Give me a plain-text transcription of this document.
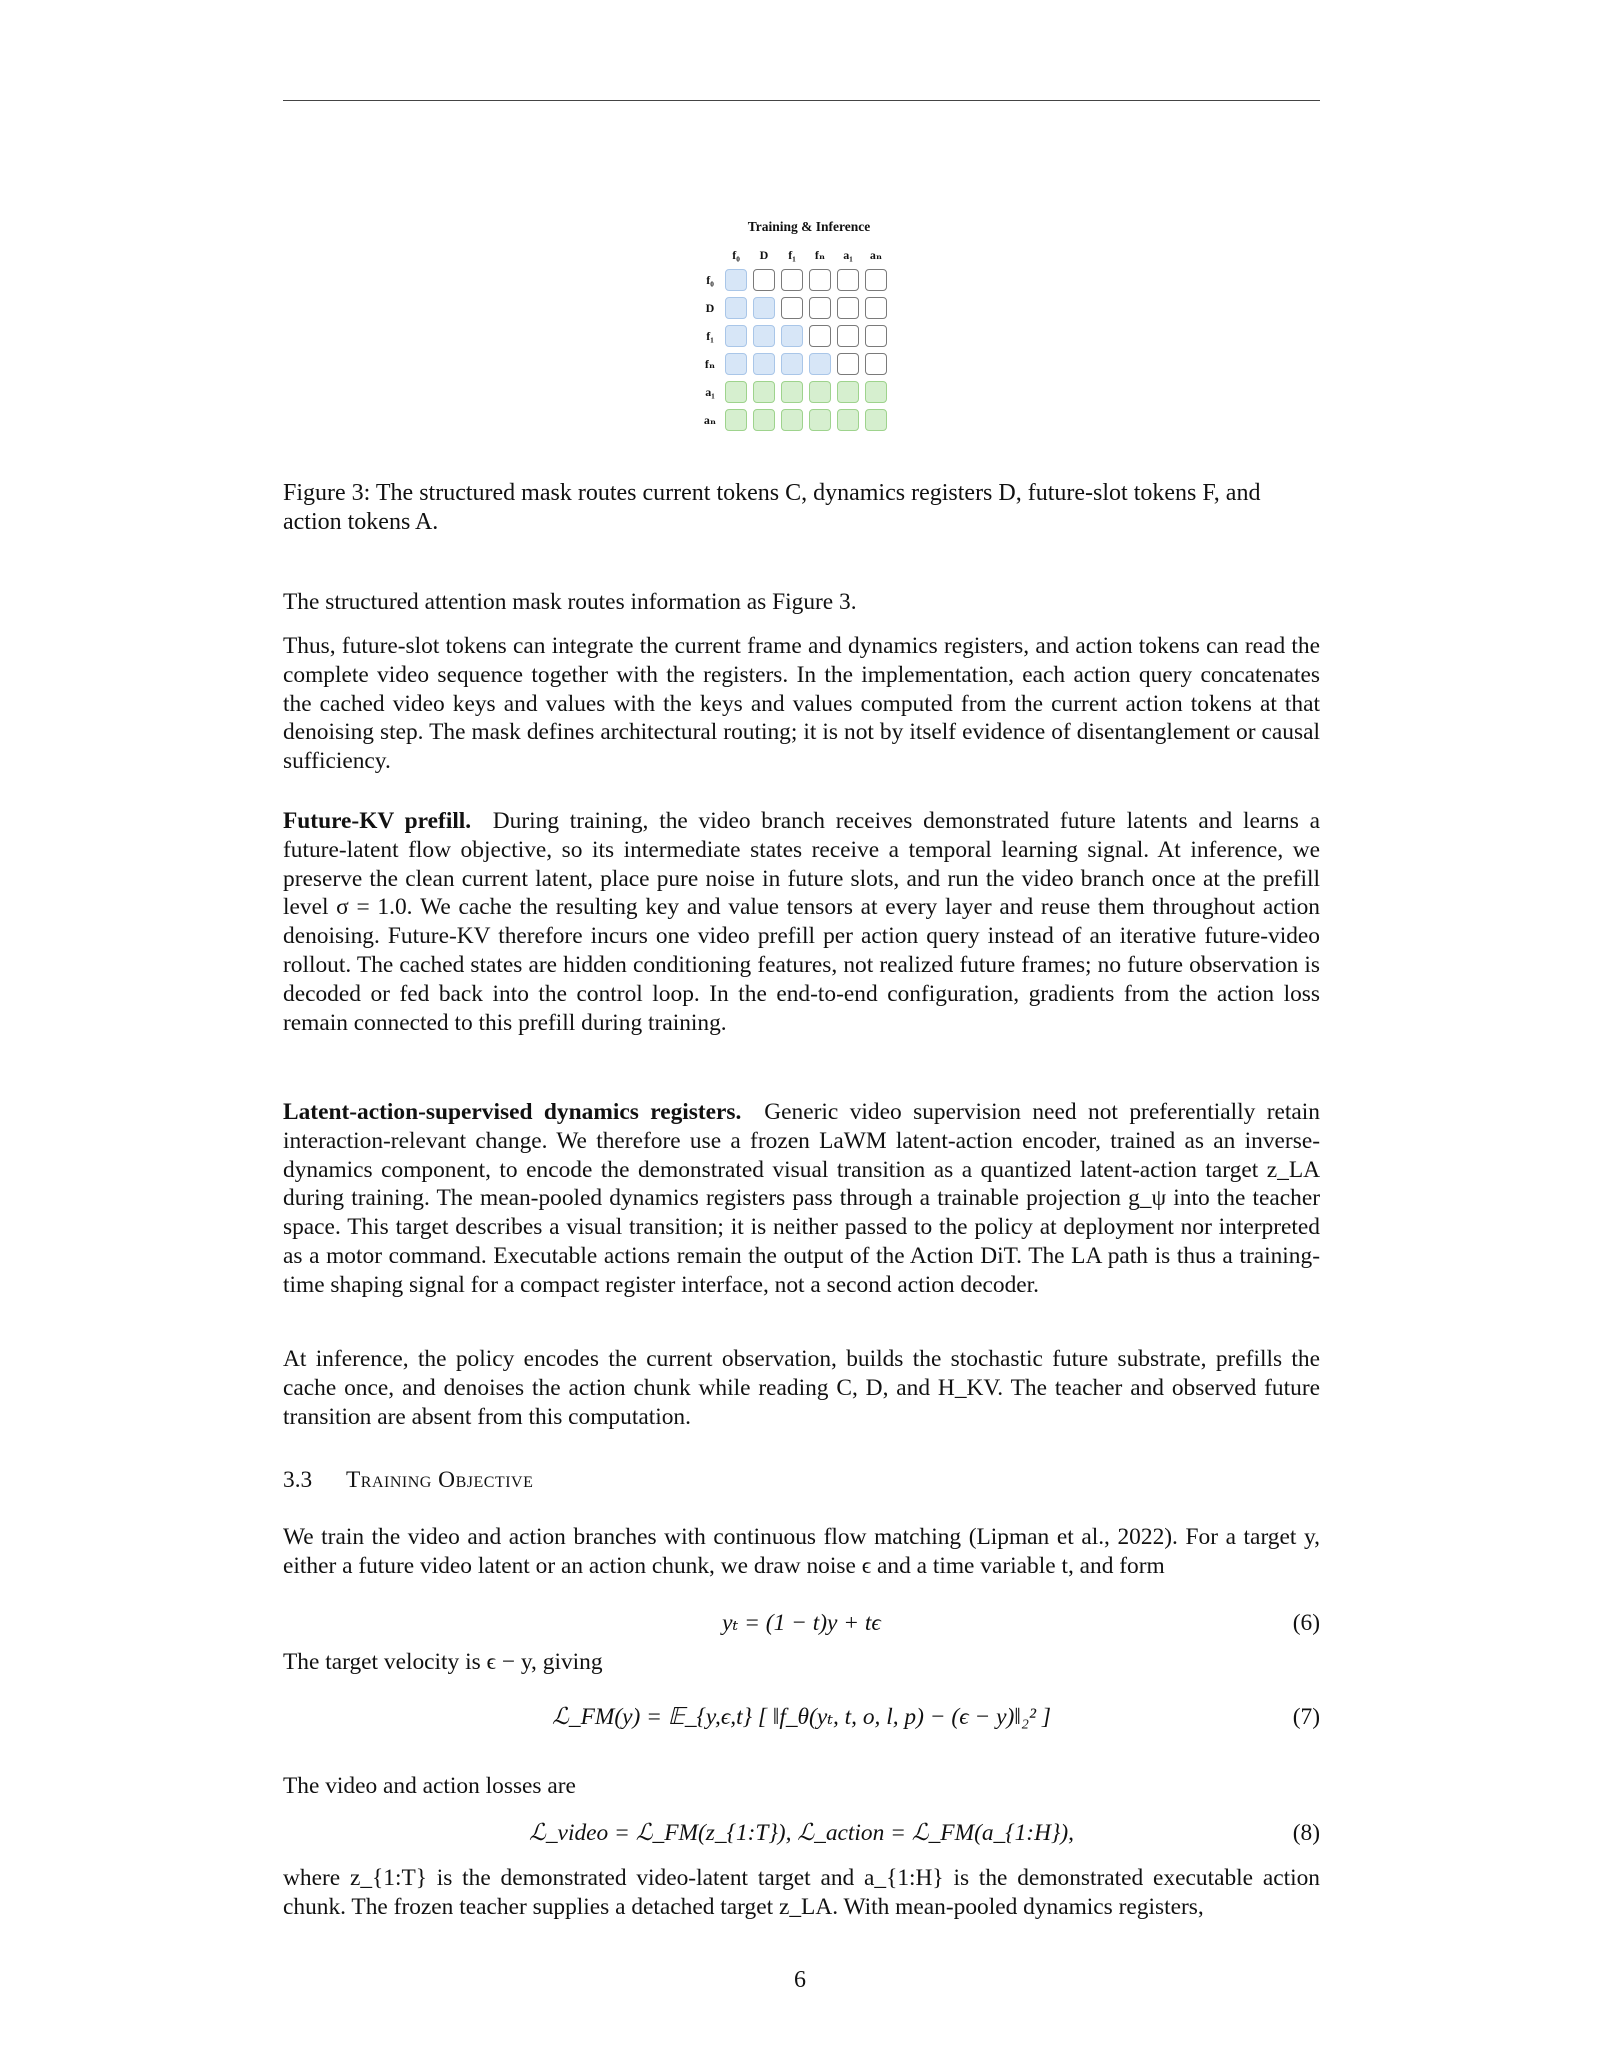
Training & Inference
f₀	D	f₁	fₙ	a₁	aₙ
f₀
D
f₁
fₙ
a₁
aₙ
Figure 3: The structured mask routes current tokens C, dynamics registers D, future-slot tokens F, and action tokens A.

The structured attention mask routes information as Figure 3.

Thus, future-slot tokens can integrate the current frame and dynamics registers, and action tokens can read the complete video sequence together with the registers. In the implementation, each action query concatenates the cached video keys and values with the keys and values computed from the current action tokens at that denoising step. The mask defines architectural routing; it is not by itself evidence of disentanglement or causal sufficiency.

Future-KV prefill. During training, the video branch receives demonstrated future latents and learns a future-latent flow objective, so its intermediate states receive a temporal learning signal. At inference, we preserve the clean current latent, place pure noise in future slots, and run the video branch once at the prefill level σ = 1.0. We cache the resulting key and value tensors at every layer and reuse them throughout action denoising. Future-KV therefore incurs one video prefill per action query instead of an iterative future-video rollout. The cached states are hidden conditioning features, not realized future frames; no future observation is decoded or fed back into the control loop. In the end-to-end configuration, gradients from the action loss remain connected to this prefill during training.

Latent-action-supervised dynamics registers. Generic video supervision need not preferentially retain interaction-relevant change. We therefore use a frozen LaWM latent-action encoder, trained as an inverse-dynamics component, to encode the demonstrated visual transition as a quantized latent-action target z_LA during training. The mean-pooled dynamics registers pass through a trainable projection g_ψ into the teacher space. This target describes a visual transition; it is neither passed to the policy at deployment nor interpreted as a motor command. Executable actions remain the output of the Action DiT. The LA path is thus a training-time shaping signal for a compact register interface, not a second action decoder.

At inference, the policy encodes the current observation, builds the stochastic future substrate, prefills the cache once, and denoises the action chunk while reading C, D, and H_KV. The teacher and observed future transition are absent from this computation.

3.3 Training Objective

We train the video and action branches with continuous flow matching (Lipman et al., 2022). For a target y, either a future video latent or an action chunk, we draw noise ϵ and a time variable t, and form

yₜ = (1 − t)y + tϵ	(6)

The target velocity is ϵ − y, giving

ℒ_FM(y) = 𝔼_{y,ϵ,t} [ ‖f_θ(yₜ, t, o, l, p) − (ϵ − y)‖₂² ]	(7)

The video and action losses are

ℒ_video = ℒ_FM(z_{1:T}), ℒ_action = ℒ_FM(a_{1:H}),	(8)

where z_{1:T} is the demonstrated video-latent target and a_{1:H} is the demonstrated executable action chunk. The frozen teacher supplies a detached target z_LA. With mean-pooled dynamics registers,

6
